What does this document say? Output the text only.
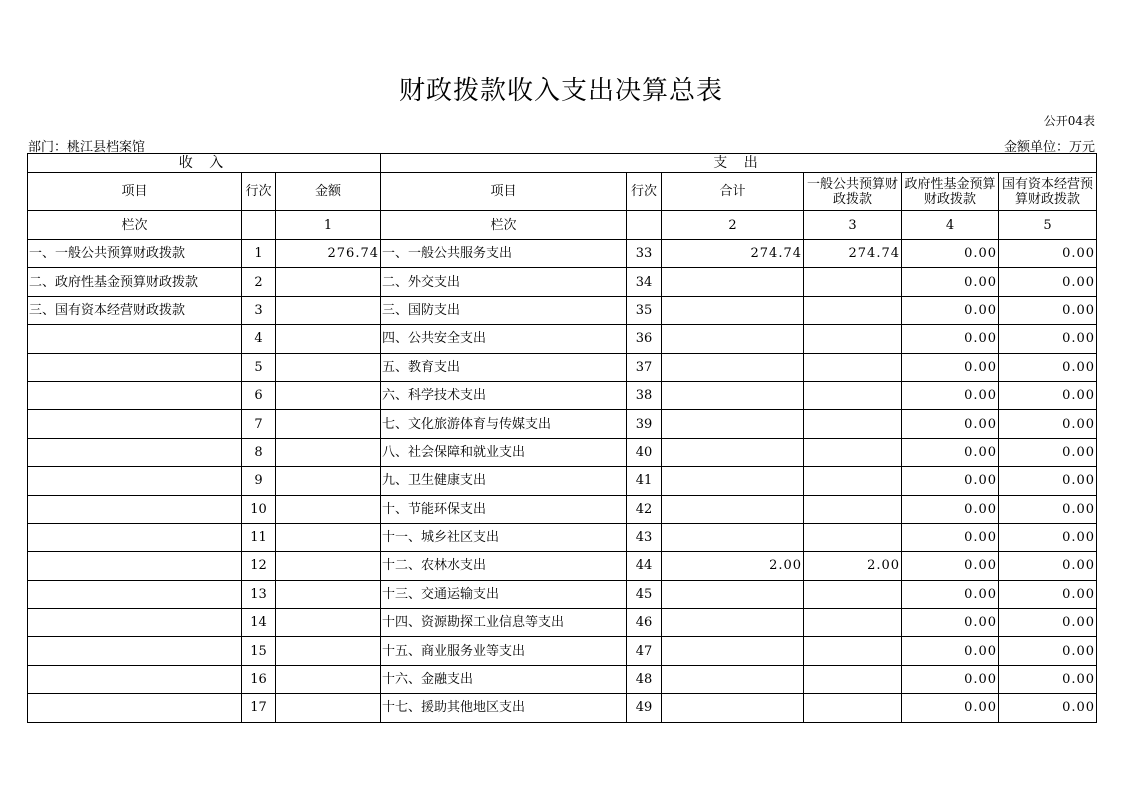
财政拨款收入支出决算总表
公开04表
部门：桃江县档案馆	金额单位：万元
收 入			支 出					
项目	行次	金额	项目	行次	合计	一般公共预算财政拨款	政府性基金预算财政拨款	国有资本经营预算财政拨款
栏次		1	栏次		2	3	4	5
一、一般公共预算财政拨款	1	276.74	一、一般公共服务支出	33	274.74	274.74	0.00	0.00
二、政府性基金预算财政拨款	2		二、外交支出	34			0.00	0.00
三、国有资本经营财政拨款	3		三、国防支出	35			0.00	0.00
	4		四、公共安全支出	36			0.00	0.00
	5		五、教育支出	37			0.00	0.00
	6		六、科学技术支出	38			0.00	0.00
	7		七、文化旅游体育与传媒支出	39			0.00	0.00
	8		八、社会保障和就业支出	40			0.00	0.00
	9		九、卫生健康支出	41			0.00	0.00
	10		十、节能环保支出	42			0.00	0.00
	11		十一、城乡社区支出	43			0.00	0.00
	12		十二、农林水支出	44	2.00	2.00	0.00	0.00
	13		十三、交通运输支出	45			0.00	0.00
	14		十四、资源勘探工业信息等支出	46			0.00	0.00
	15		十五、商业服务业等支出	47			0.00	0.00
	16		十六、金融支出	48			0.00	0.00
	17		十七、援助其他地区支出	49			0.00	0.00
